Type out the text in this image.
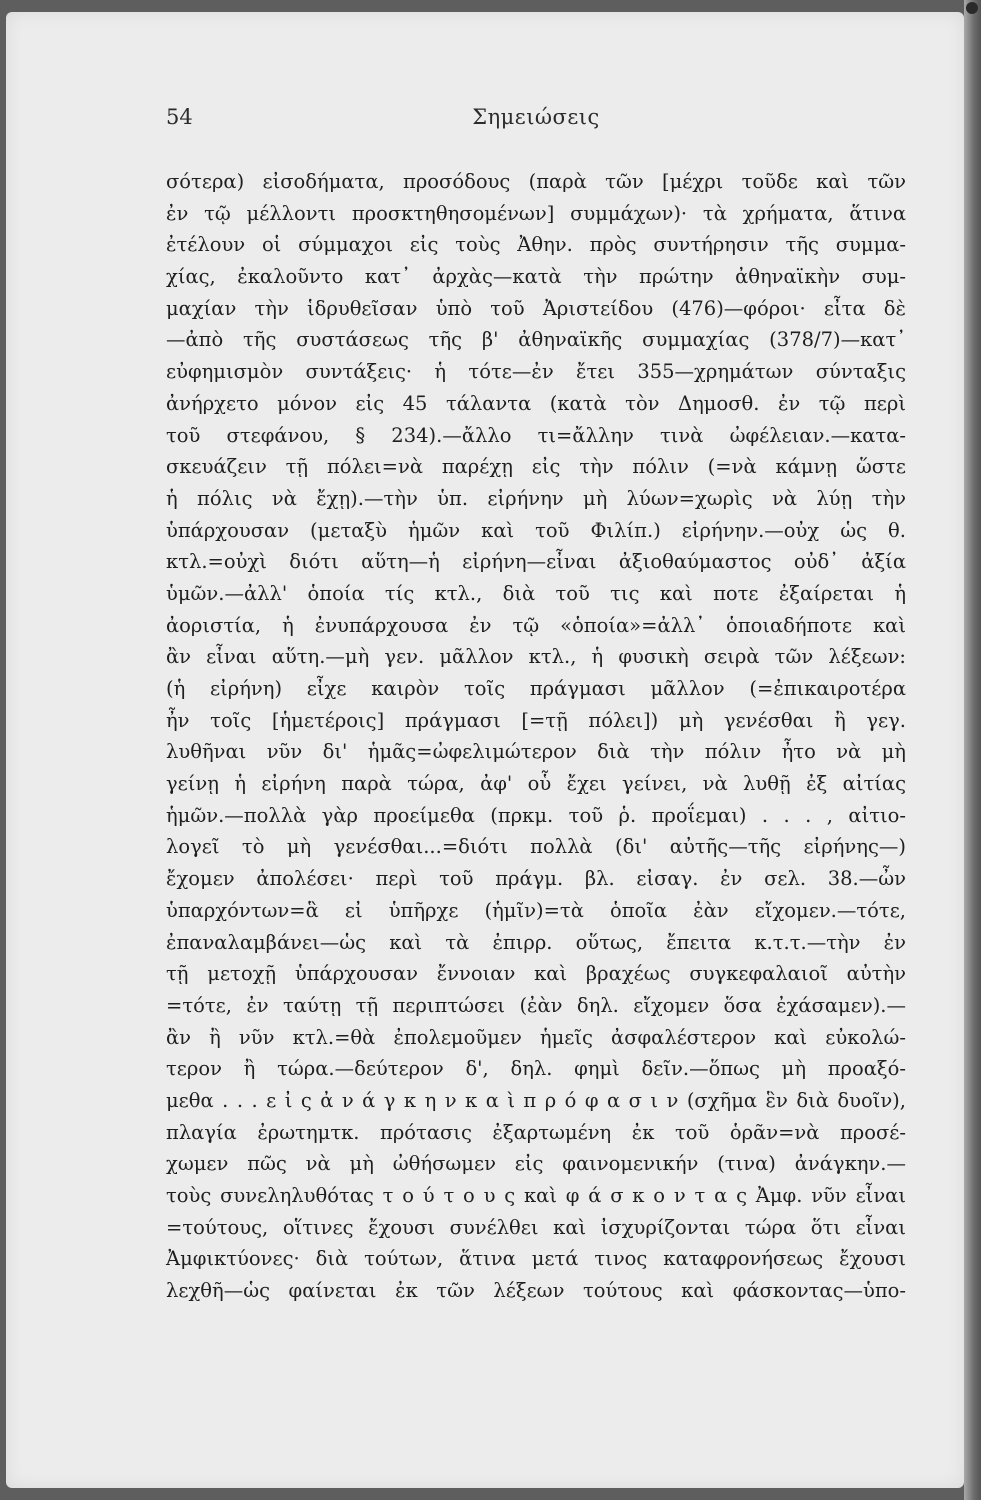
54	Σημειώσεις
σότερα) εἰσοδήματα, προσόδους (παρὰ τῶν [μέχρι τοῦδε καὶ τῶν
ἐν τῷ μέλλοντι προσκτηθησομένων] συμμάχων)· τὰ χρήματα, ἅτινα
ἐτέλουν οἱ σύμμαχοι εἰς τοὺς Ἀθην. πρὸς συντήρησιν τῆς συμμα-
χίας, ἐκαλοῦντο κατ᾽ ἀρχὰς—κατὰ τὴν πρώτην ἀθηναϊκὴν συμ-
μαχίαν τὴν ἱδρυθεῖσαν ὑπὸ τοῦ Ἀριστείδου (476)—φόροι· εἶτα δὲ
—ἀπὸ τῆς συστάσεως τῆς β' ἀθηναϊκῆς συμμαχίας (378/7)—κατ᾽
εὐφημισμὸν συντάξεις· ἡ τότε—ἐν ἔτει 355—χρημάτων σύνταξις
ἀνήρχετο μόνον εἰς 45 τάλαντα (κατὰ τὸν Δημοσθ. ἐν τῷ περὶ
τοῦ στεφάνου, § 234).—ἄλλο τι=ἄλλην τινὰ ὠφέλειαν.—κατα-
σκευάζειν τῇ πόλει=νὰ παρέχῃ εἰς τὴν πόλιν (=νὰ κάμνῃ ὥστε
ἡ πόλις νὰ ἔχῃ).—τὴν ὑπ. εἰρήνην μὴ λύων=χωρὶς νὰ λύῃ τὴν
ὑπάρχουσαν (μεταξὺ ἡμῶν καὶ τοῦ Φιλίπ.) εἰρήνην.—οὐχ ὡς θ.
κτλ.=οὐχὶ διότι αὕτη—ἡ εἰρήνη—εἶναι ἀξιοθαύμαστος οὐδ᾽ ἀξία
ὑμῶν.—ἀλλ' ὁποία τίς κτλ., διὰ τοῦ τις καὶ ποτε ἐξαίρεται ἡ
ἀοριστία, ἡ ἐνυπάρχουσα ἐν τῷ «ὁποία»=ἀλλ᾽ ὁποιαδήποτε καὶ
ἂν εἶναι αὕτη.—μὴ γεν. μᾶλλον κτλ., ἡ φυσικὴ σειρὰ τῶν λέξεων:
(ἡ εἰρήνη) εἶχε καιρὸν τοῖς πράγμασι μᾶλλον (=ἐπικαιροτέρα
ἦν τοῖς [ἡμετέροις] πράγμασι [=τῇ πόλει]) μὴ γενέσθαι ἢ γεγ.
λυθῆναι νῦν δι' ἡμᾶς=ὠφελιμώτερον διὰ τὴν πόλιν ἦτο νὰ μὴ
γείνῃ ἡ εἰρήνη παρὰ τώρα, ἀφ' οὗ ἔχει γείνει, νὰ λυθῇ ἐξ αἰτίας
ἡμῶν.—πολλὰ γὰρ προείμεθα (πρκμ. τοῦ ῥ. προΐεμαι) . . . , αἰτιο-
λογεῖ τὸ μὴ γενέσθαι...=διότι πολλὰ (δι' αὐτῆς—τῆς εἰρήνης—)
ἔχομεν ἀπολέσει· περὶ τοῦ πράγμ. βλ. εἰσαγ. ἐν σελ. 38.—ὦν
ὑπαρχόντων=ἃ εἰ ὑπῆρχε (ἡμῖν)=τὰ ὁποῖα ἐὰν εἴχομεν.—τότε,
ἐπαναλαμβάνει—ὡς καὶ τὰ ἐπιρρ. οὕτως, ἔπειτα κ.τ.τ.—τὴν ἐν
τῇ μετοχῇ ὑπάρχουσαν ἔννοιαν καὶ βραχέως συγκεφαλαιοῖ αὐτὴν
=τότε, ἐν ταύτῃ τῇ περιπτώσει (ἐὰν δηλ. εἴχομεν ὅσα ἐχάσαμεν).—
ἂν ἢ νῦν κτλ.=θὰ ἐπολεμοῦμεν ἡμεῖς ἀσφαλέστερον καὶ εὐκολώ-
τερον ἢ τώρα.—δεύτερον δ', δηλ. φημὶ δεῖν.—ὅπως μὴ προαξό-
μεθα . . . ε ἰ ς ἀ ν ά γ κ η ν κ α ὶ π ρ ό φ α σ ι ν (σχῆμα ἓν διὰ δυοῖν),
πλαγία ἐρωτημτκ. πρότασις ἐξαρτωμένη ἐκ τοῦ ὁρᾶν=νὰ προσέ-
χωμεν πῶς νὰ μὴ ὠθήσωμεν εἰς φαινομενικήν (τινα) ἀνάγκην.—
τοὺς συνεληλυθότας τ ο ύ τ ο υ ς καὶ φ ά σ κ ο ν τ α ς Ἀμφ. νῦν εἶναι
=τούτους, οἵτινες ἔχουσι συνέλθει καὶ ἰσχυρίζονται τώρα ὅτι εἶναι
Ἀμφικτύονες· διὰ τούτων, ἅτινα μετά τινος καταφρονήσεως ἔχουσι
λεχθῆ—ὡς φαίνεται ἐκ τῶν λέξεων τούτους καὶ φάσκοντας—ὑπο-
